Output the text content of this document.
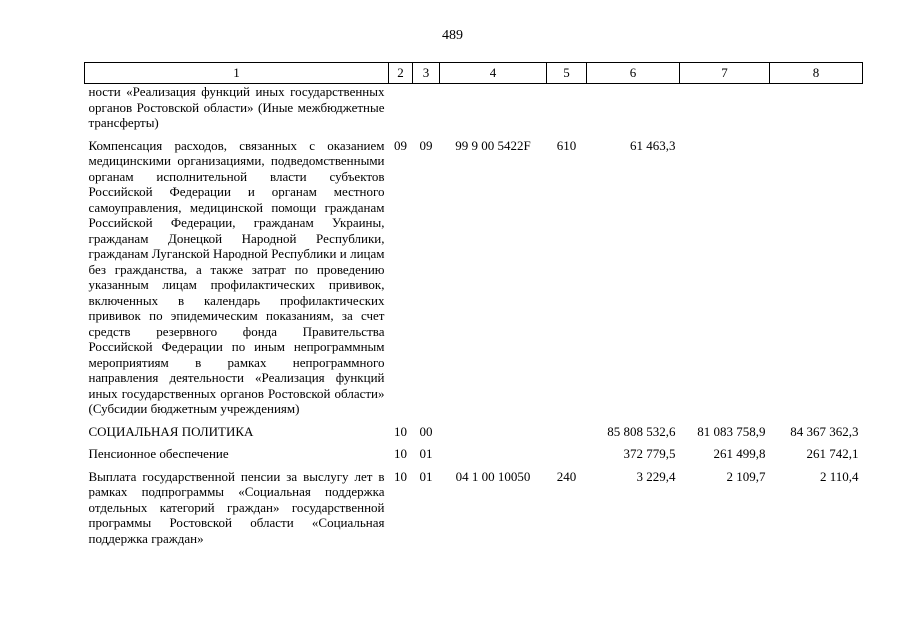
489
1	2	3	4	5	6	7	8
ности «Реализация функций иных государственных органов Ростовской области» (Иные межбюджетные трансферты)							
Компенсация расходов, связанных с оказанием медицинскими организациями, подведомственными органам исполнительной власти субъектов Российской Федерации и органам местного самоуправления, медицинской помощи гражданам Российской Федерации, гражданам Украины, гражданам Донецкой Народной Республики, гражданам Луганской Народной Республики и лицам без гражданства, а также затрат по проведению указанным лицам профилактических прививок, включенных в календарь профилактических прививок по эпидемическим показаниям, за счет средств резервного фонда Правительства Российской Федерации по иным непрограммным мероприятиям в рамках непрограммного направления деятельности «Реализация функций иных государственных органов Ростовской области» (Субсидии бюджетным учреждениям)	09	09	99 9 00 5422F	610	61 463,3		
СОЦИАЛЬНАЯ ПОЛИТИКА	10	00			85 808 532,6	81 083 758,9	84 367 362,3
Пенсионное обеспечение	10	01			372 779,5	261 499,8	261 742,1
Выплата государственной пенсии за выслугу лет в рамках подпрограммы «Социальная поддержка отдельных категорий граждан» государственной программы Ростовской области «Социальная поддержка граждан»	10	01	04 1 00 10050	240	3 229,4	2 109,7	2 110,4
